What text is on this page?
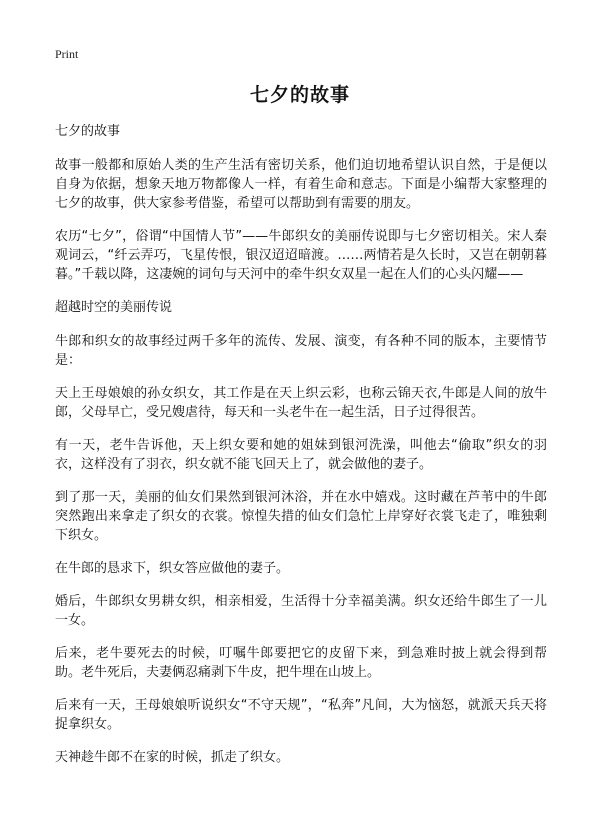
Print
七夕的故事

七夕的故事

故事一般都和原始人类的生产生活有密切关系，他们迫切地希望认识自然，于是便以自身为依据，想象天地万物都像人一样，有着生命和意志。下面是小编帮大家整理的七夕的故事，供大家参考借鉴，希望可以帮助到有需要的朋友。

农历“七夕”，俗谓“中国情人节”——牛郎织女的美丽传说即与七夕密切相关。宋人秦观词云，“纤云弄巧，飞星传恨，银汉迢迢暗渡。……两情若是久长时，又岂在朝朝暮暮。”千载以降，这凄婉的词句与天河中的牵牛织女双星一起在人们的心头闪耀——

超越时空的美丽传说

牛郎和织女的故事经过两千多年的流传、发展、演变，有各种不同的版本，主要情节是：

天上王母娘娘的孙女织女，其工作是在天上织云彩，也称云锦天衣,牛郎是人间的放牛郎，父母早亡，受兄嫂虐待，每天和一头老牛在一起生活，日子过得很苦。

有一天，老牛告诉他，天上织女要和她的姐妹到银河洗澡，叫他去“偷取”织女的羽衣，这样没有了羽衣，织女就不能飞回天上了，就会做他的妻子。

到了那一天，美丽的仙女们果然到银河沐浴，并在水中嬉戏。这时藏在芦苇中的牛郎突然跑出来拿走了织女的衣裳。惊惶失措的仙女们急忙上岸穿好衣裳飞走了，唯独剩下织女。

在牛郎的恳求下，织女答应做他的妻子。

婚后，牛郎织女男耕女织，相亲相爱，生活得十分幸福美满。织女还给牛郎生了一儿一女。

后来，老牛要死去的时候，叮嘱牛郎要把它的皮留下来，到急难时披上就会得到帮助。老牛死后，夫妻俩忍痛剥下牛皮，把牛埋在山坡上。

后来有一天，王母娘娘听说织女“不守天规”，“私奔”凡间，大为恼怒，就派天兵天将捉拿织女。

天神趁牛郎不在家的时候，抓走了织女。
